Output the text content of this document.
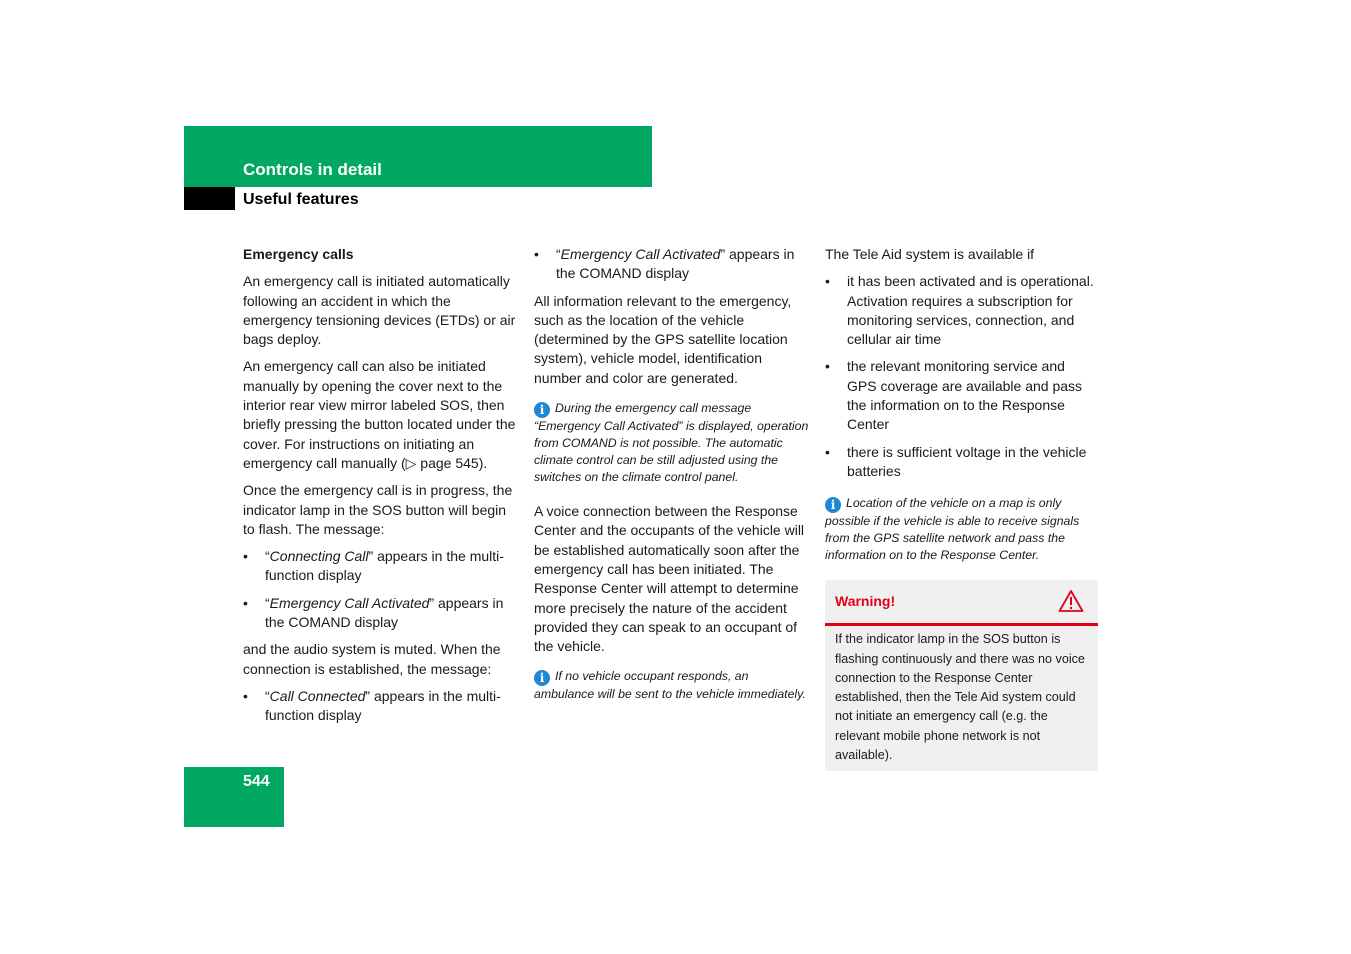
Controls in detail
Useful features
Emergency calls

An emergency call is initiated automatically following an accident in which the emergency tensioning devices (ETDs) or air bags deploy.

An emergency call can also be initiated manually by opening the cover next to the interior rear view mirror labeled SOS, then briefly pressing the button located under the cover. For instructions on initiating an emergency call manually (▷ page 545).

Once the emergency call is in progress, the indicator lamp in the SOS button will begin to flash. The message:

• “Connecting Call” appears in the multi-function display
• “Emergency Call Activated” appears in the COMAND display

and the audio system is muted. When the connection is established, the message:

• “Call Connected” appears in the multi-function display
• “Emergency Call Activated” appears in the COMAND display

All information relevant to the emergency, such as the location of the vehicle (determined by the GPS satellite location system), vehicle model, identification number and color are generated.

i During the emergency call message “Emergency Call Activated” is displayed, operation from COMAND is not possible. The automatic climate control can be still adjusted using the switches on the climate control panel.

A voice connection between the Response Center and the occupants of the vehicle will be established automatically soon after the emergency call has been initiated. The Response Center will attempt to determine more precisely the nature of the accident provided they can speak to an occupant of the vehicle.

i If no vehicle occupant responds, an ambulance will be sent to the vehicle immediately.

The Tele Aid system is available if

• it has been activated and is operational. Activation requires a subscription for monitoring services, connection, and cellular air time
• the relevant monitoring service and GPS coverage are available and pass the information on to the Response Center
• there is sufficient voltage in the vehicle batteries

i Location of the vehicle on a map is only possible if the vehicle is able to receive signals from the GPS satellite network and pass the information on to the Response Center.

Warning!
If the indicator lamp in the SOS button is flashing continuously and there was no voice connection to the Response Center established, then the Tele Aid system could not initiate an emergency call (e.g. the relevant mobile phone network is not available).
544
